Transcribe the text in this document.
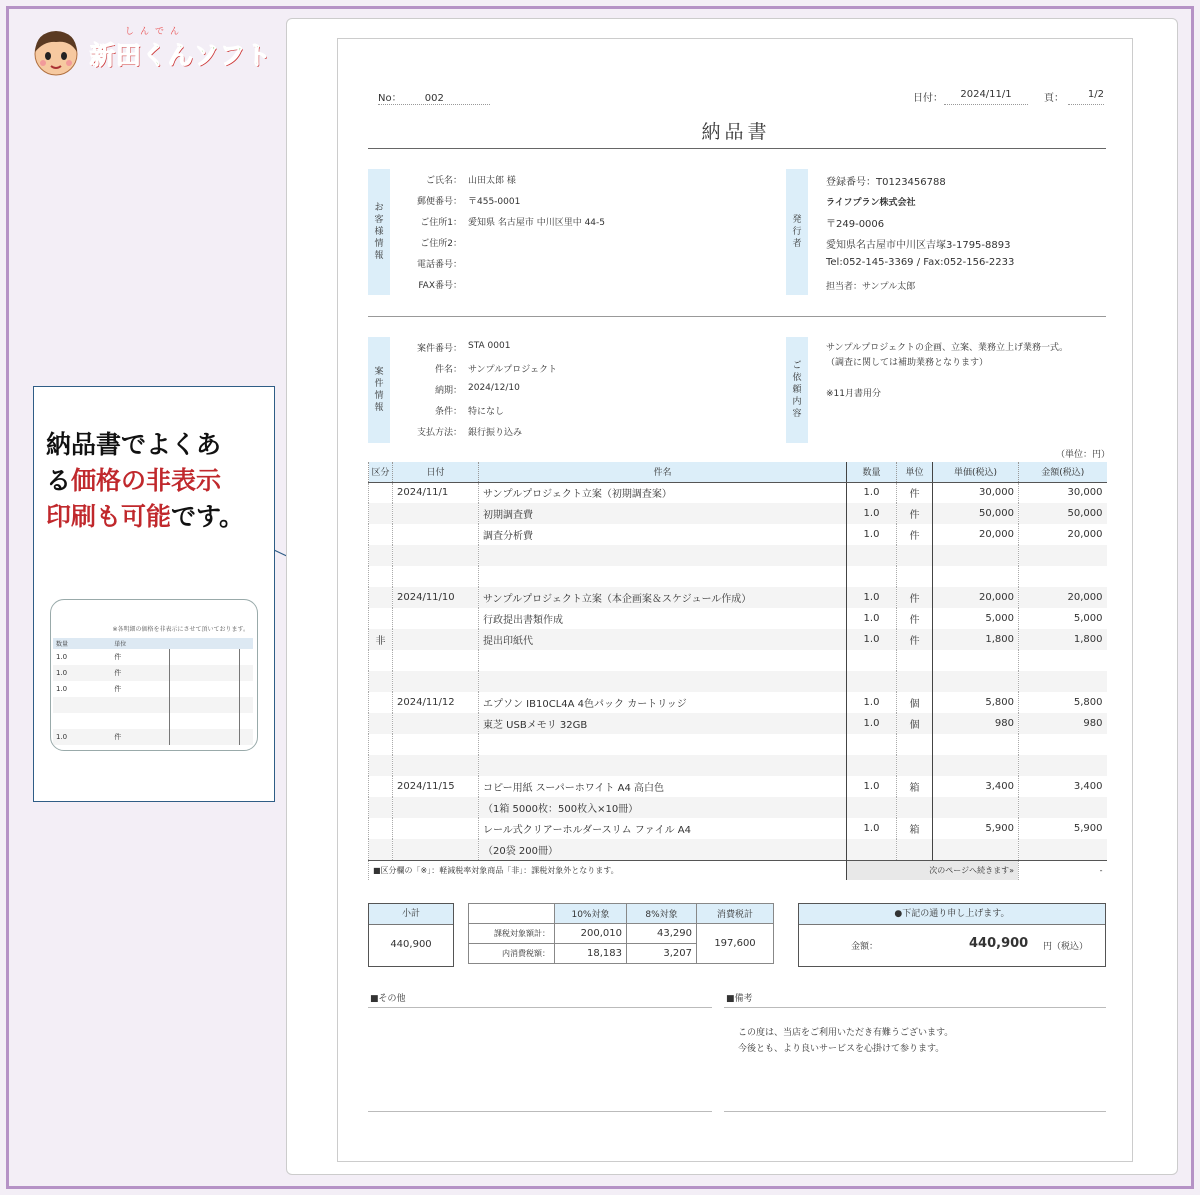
しんでん
新田くんソフト
納品書でよくあ
る価格の非表示
印刷も可能です。
※各明細の価格を非表示にさせて頂いております。
数量	単位		
1.0	件		
1.0	件		
1.0	件		

1.0	件		
No： 002	日付：	2024/11/1	頁：	1/2
納品書
お客様情報
発行者
登録番号：T0123456788
ライフプラン株式会社
〒249-0006
愛知県名古屋市中川区吉塚3-1795-8893
Tel:052-145-3369 / Fax:052-156-2233
担当者：サンプル太郎
案件情報
ご依頼内容
サンプルプロジェクトの企画、立案、業務立上げ業務一式。
（調査に関しては補助業務となります）
※11月書用分
（単位：円）
区分	日付	件名	数量	単位	単価(税込)	金額(税込)
	2024/11/1	サンプルプロジェクト立案（初期調査案）	1.0	件	30,000	30,000
		初期調査費	1.0	件	50,000	50,000
		調査分析費	1.0	件	20,000	20,000

	2024/11/10	サンプルプロジェクト立案（本企画案＆スケジュール作成）	1.0	件	20,000	20,000
		行政提出書類作成	1.0	件	5,000	5,000
非		提出印紙代	1.0	件	1,800	1,800

	2024/11/12	エプソン IB10CL4A 4色パック カートリッジ	1.0	個	5,800	5,800
		東芝 USBメモリ 32GB	1.0	個	980	980

	2024/11/15	コピー用紙 スーパーホワイト A4 高白色	1.0	箱	3,400	3,400
		（1箱 5000枚：500枚入×10冊）				
		レール式クリアーホルダースリム ファイル A4	1.0	箱	5,900	5,900
		（20袋 200冊）				
■区分欄の「※」：軽減税率対象商品「非」：課税対象外となります。			次のページへ続きます»			-
小計
440,900
	10%対象	8%対象	消費税計
課税対象額計：	200,010	43,290	197,600
内消費税額：	18,183	3,207	
●下記の通り申し上げます。
金額：	440,900 円（税込）
■その他	■備考
この度は、当店をご利用いただき有難うございます。
今後とも、より良いサービスを心掛けて参ります。
ご氏名： 山田太郎 様
郵便番号： 〒455-0001
ご住所1： 愛知県 名古屋市 中川区里中 44-5
ご住所2：
電話番号：
FAX番号：
案件番号： STA 0001
件名： サンプルプロジェクト
納期： 2024/12/10
条件： 特になし
支払方法： 銀行振り込み
